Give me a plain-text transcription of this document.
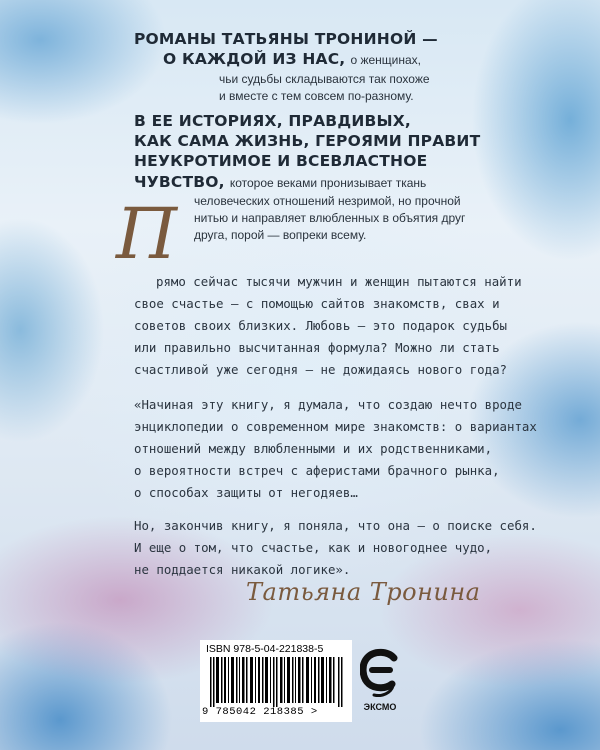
РОМАНЫ ТАТЬЯНЫ ТРОНИНОЙ —
О КАЖДОЙ ИЗ НАС, о женщинах,
чьи судьбы складываются так похоже
и вместе с тем совсем по-разному.
В ЕЕ ИСТОРИЯХ, ПРАВДИВЫХ,
КАК САМА ЖИЗНЬ, ГЕРОЯМИ ПРАВИТ
НЕУКРОТИМОЕ И ВСЕВЛАСТНОЕ
ЧУВСТВО, которое веками пронизывает ткань
человеческих отношений незримой, но прочной
нитью и направляет влюбленных в объятия друг
друга, порой — вопреки всему.
П
рямо сейчас тысячи мужчин и женщин пытаются найти
свое счастье — с помощью сайтов знакомств, свах и
советов своих близких. Любовь — это подарок судьбы
или правильно высчитанная формула? Можно ли стать
счастливой уже сегодня — не дожидаясь нового года?
«Начиная эту книгу, я думала, что создаю нечто вроде
энциклопедии о современном мире знакомств: о вариантах
отношений между влюбленными и их родственниками,
о вероятности встреч с аферистами брачного рынка,
о способах защиты от негодяев…
Но, закончив книгу, я поняла, что она — о поиске себя.
И еще о том, что счастье, как и новогоднее чудо,
не поддается никакой логике».
Татьяна Тронина
ISBN 978-5-04-221838-5
9 785042 218385 >	ЭКСМО
